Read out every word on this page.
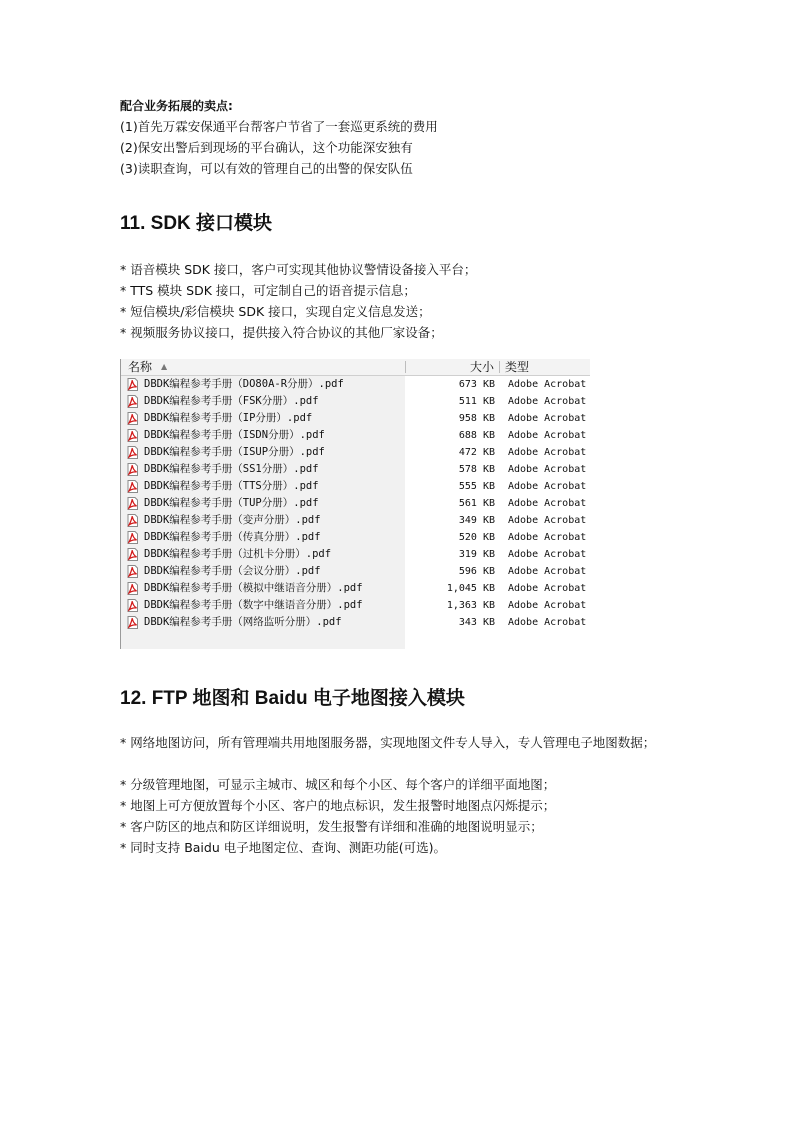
配合业务拓展的卖点:
(1)首先万霖安保通平台帮客户节省了一套巡更系统的费用
(2)保安出警后到现场的平台确认，这个功能深安独有
(3)读职查询，可以有效的管理自己的出警的保安队伍
11. SDK 接口模块
* 语音模块 SDK 接口，客户可实现其他协议警情设备接入平台；
* TTS 模块 SDK 接口，可定制自己的语音提示信息；
* 短信模块/彩信模块 SDK 接口，实现自定义信息发送；
* 视频服务协议接口，提供接入符合协议的其他厂家设备；
名称 ▲	大小 类型
DBDK编程参考手册（DO80A-R分册）.pdf	673 KB Adobe Acrobat
DBDK编程参考手册（FSK分册）.pdf	511 KB Adobe Acrobat
DBDK编程参考手册（IP分册）.pdf	958 KB Adobe Acrobat
DBDK编程参考手册（ISDN分册）.pdf	688 KB Adobe Acrobat
DBDK编程参考手册（ISUP分册）.pdf	472 KB Adobe Acrobat
DBDK编程参考手册（SS1分册）.pdf	578 KB Adobe Acrobat
DBDK编程参考手册（TTS分册）.pdf	555 KB Adobe Acrobat
DBDK编程参考手册（TUP分册）.pdf	561 KB Adobe Acrobat
DBDK编程参考手册（变声分册）.pdf	349 KB Adobe Acrobat
DBDK编程参考手册（传真分册）.pdf	520 KB Adobe Acrobat
DBDK编程参考手册（过机卡分册）.pdf	319 KB Adobe Acrobat
DBDK编程参考手册（会议分册）.pdf	596 KB Adobe Acrobat
DBDK编程参考手册（模拟中继语音分册）.pdf	1,045 KB Adobe Acrobat
DBDK编程参考手册（数字中继语音分册）.pdf	1,363 KB Adobe Acrobat
DBDK编程参考手册（网络监听分册）.pdf	343 KB Adobe Acrobat
12. FTP 地图和 Baidu 电子地图接入模块
* 网络地图访问，所有管理端共用地图服务器，实现地图文件专人导入，专人管理电子地图数据；
* 分级管理地图，可显示主城市、城区和每个小区、每个客户的详细平面地图；
* 地图上可方便放置每个小区、客户的地点标识，发生报警时地图点闪烁提示；
* 客户防区的地点和防区详细说明，发生报警有详细和准确的地图说明显示；
* 同时支持 Baidu 电子地图定位、查询、测距功能(可选)。
